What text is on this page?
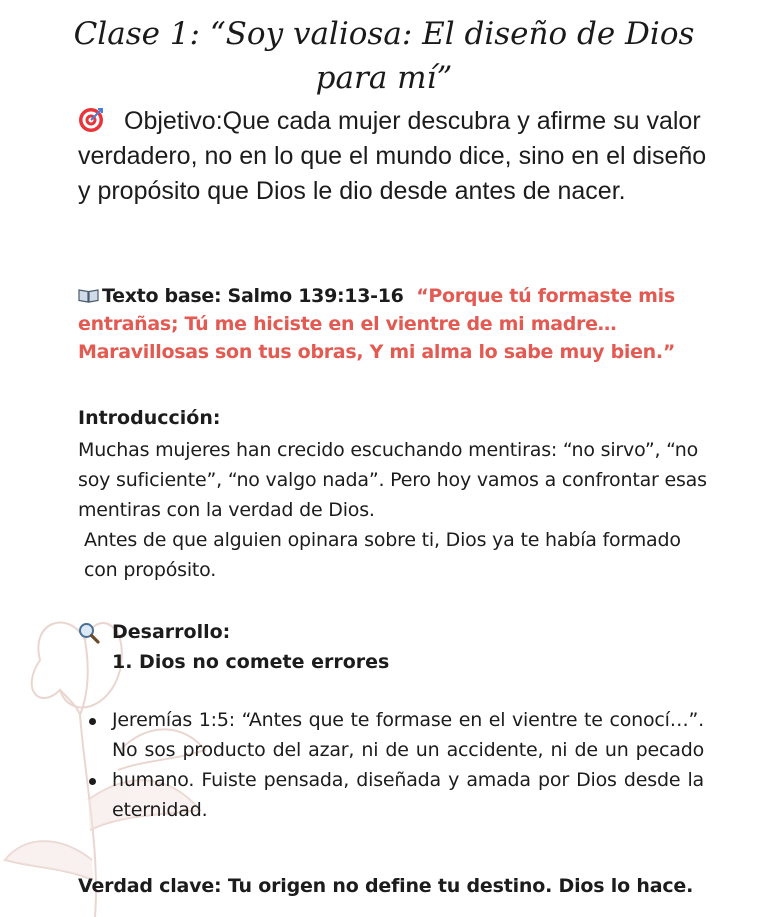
Clase 1: “Soy valiosa: El diseño de Dios para mí”

Objetivo:Que cada mujer descubra y afirme su valor verdadero, no en lo que el mundo dice, sino en el diseño y propósito que Dios le dio desde antes de nacer.

Texto base: Salmo 139:13-16 “Porque tú formaste mis entrañas; Tú me hiciste en el vientre de mi madre… Maravillosas son tus obras, Y mi alma lo sabe muy bien.”

Introducción:
Muchas mujeres han crecido escuchando mentiras: “no sirvo”, “no soy suficiente”, “no valgo nada”. Pero hoy vamos a confrontar esas mentiras con la verdad de Dios.
Antes de que alguien opinara sobre ti, Dios ya te había formado con propósito.
Desarrollo:
1. Dios no comete errores
Jeremías 1:5: “Antes que te formase en el vientre te conocí…”. No sos producto del azar, ni de un accidente, ni de un pecado humano. Fuiste pensada, diseñada y amada por Dios desde la eternidad.

Verdad clave: Tu origen no define tu destino. Dios lo hace.
